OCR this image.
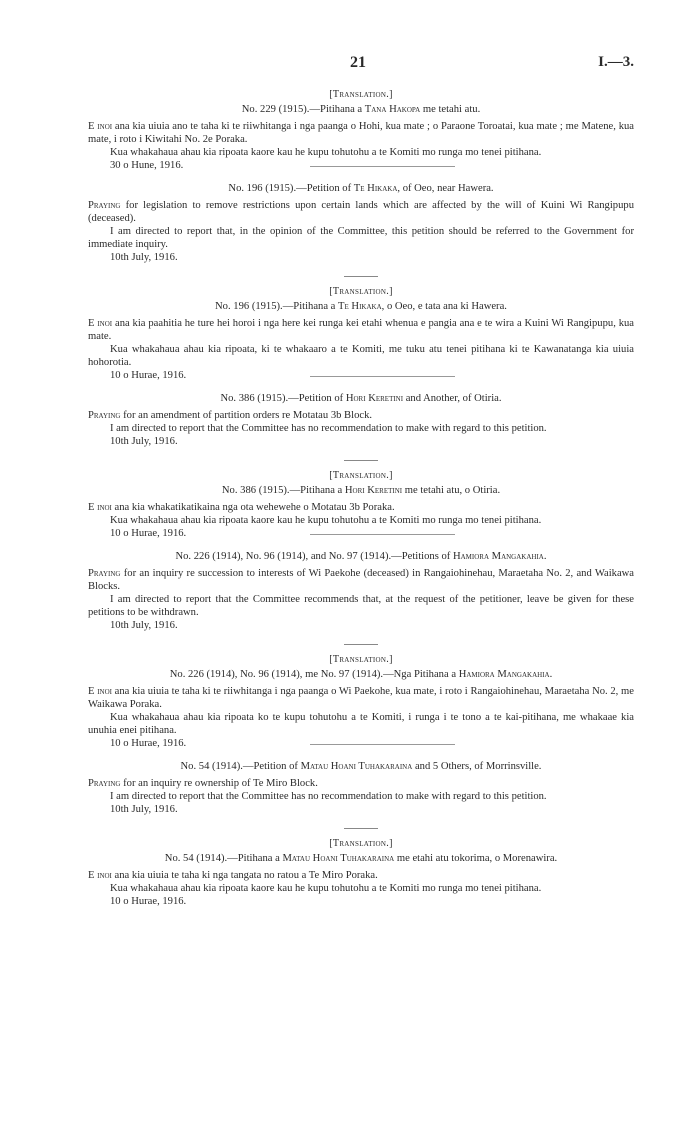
21	I.—3.
[Translation.]
No. 229 (1915).—Pitihana a Tana Hakopa me tetahi atu.

E inoi ana kia uiuia ano te taha ki te riiwhitanga i nga paanga o Hohi, kua mate ; o Paraone Toroatai, kua mate ; me Matene, kua mate, i roto i Kiwitahi No. 2e Poraka.

Kua whakahaua ahau kia ripoata kaore kau he kupu tohutohu a te Komiti mo runga mo tenei pitihana.

30 o Hune, 1916.
No. 196 (1915).—Petition of Te Hikaka, of Oeo, near Hawera.

Praying for legislation to remove restrictions upon certain lands which are affected by the will of Kuini Wi Rangipupu (deceased).

I am directed to report that, in the opinion of the Committee, this petition should be referred to the Government for immediate inquiry.

10th July, 1916.
[Translation.]
No. 196 (1915).—Pitihana a Te Hikaka, o Oeo, e tata ana ki Hawera.

E inoi ana kia paahitia he ture hei horoi i nga here kei runga kei etahi whenua e pangia ana e te wira a Kuini Wi Rangipupu, kua mate.

Kua whakahaua ahau kia ripoata, ki te whakaaro a te Komiti, me tuku atu tenei pitihana ki te Kawanatanga kia uiuia hohorotia.

10 o Hurae, 1916.
No. 386 (1915).—Petition of Hori Keretini and Another, of Otiria.

Praying for an amendment of partition orders re Motatau 3b Block.

I am directed to report that the Committee has no recommendation to make with regard to this petition.

10th July, 1916.
[Translation.]
No. 386 (1915).—Pitihana a Hori Keretini me tetahi atu, o Otiria.

E inoi ana kia whakatikatikaina nga ota wehewehe o Motatau 3b Poraka.

Kua whakahaua ahau kia ripoata kaore kau he kupu tohutohu a te Komiti mo runga mo tenei pitihana.

10 o Hurae, 1916.
No. 226 (1914), No. 96 (1914), and No. 97 (1914).—Petitions of Hamiora Mangakahia.

Praying for an inquiry re succession to interests of Wi Paekohe (deceased) in Rangaiohinehau, Maraetaha No. 2, and Waikawa Blocks.

I am directed to report that the Committee recommends that, at the request of the petitioner, leave be given for these petitions to be withdrawn.

10th July, 1916.
[Translation.]
No. 226 (1914), No. 96 (1914), me No. 97 (1914).—Nga Pitihana a Hamiora Mangakahia.

E inoi ana kia uiuia te taha ki te riiwhitanga i nga paanga o Wi Paekohe, kua mate, i roto i Rangaiohinehau, Maraetaha No. 2, me Waikawa Poraka.

Kua whakahaua ahau kia ripoata ko te kupu tohutohu a te Komiti, i runga i te tono a te kai-pitihana, me whakaae kia unuhia enei pitihana.

10 o Hurae, 1916.
No. 54 (1914).—Petition of Matau Hoani Tuhakaraina and 5 Others, of Morrinsville.

Praying for an inquiry re ownership of Te Miro Block.

I am directed to report that the Committee has no recommendation to make with regard to this petition.

10th July, 1916.
[Translation.]
No. 54 (1914).—Pitihana a Matau Hoani Tuhakaraina me etahi atu tokorima, o Morenawira.

E inoi ana kia uiuia te taha ki nga tangata no ratou a Te Miro Poraka.

Kua whakahaua ahau kia ripoata kaore kau he kupu tohutohu a te Komiti mo runga mo tenei pitihana.

10 o Hurae, 1916.
